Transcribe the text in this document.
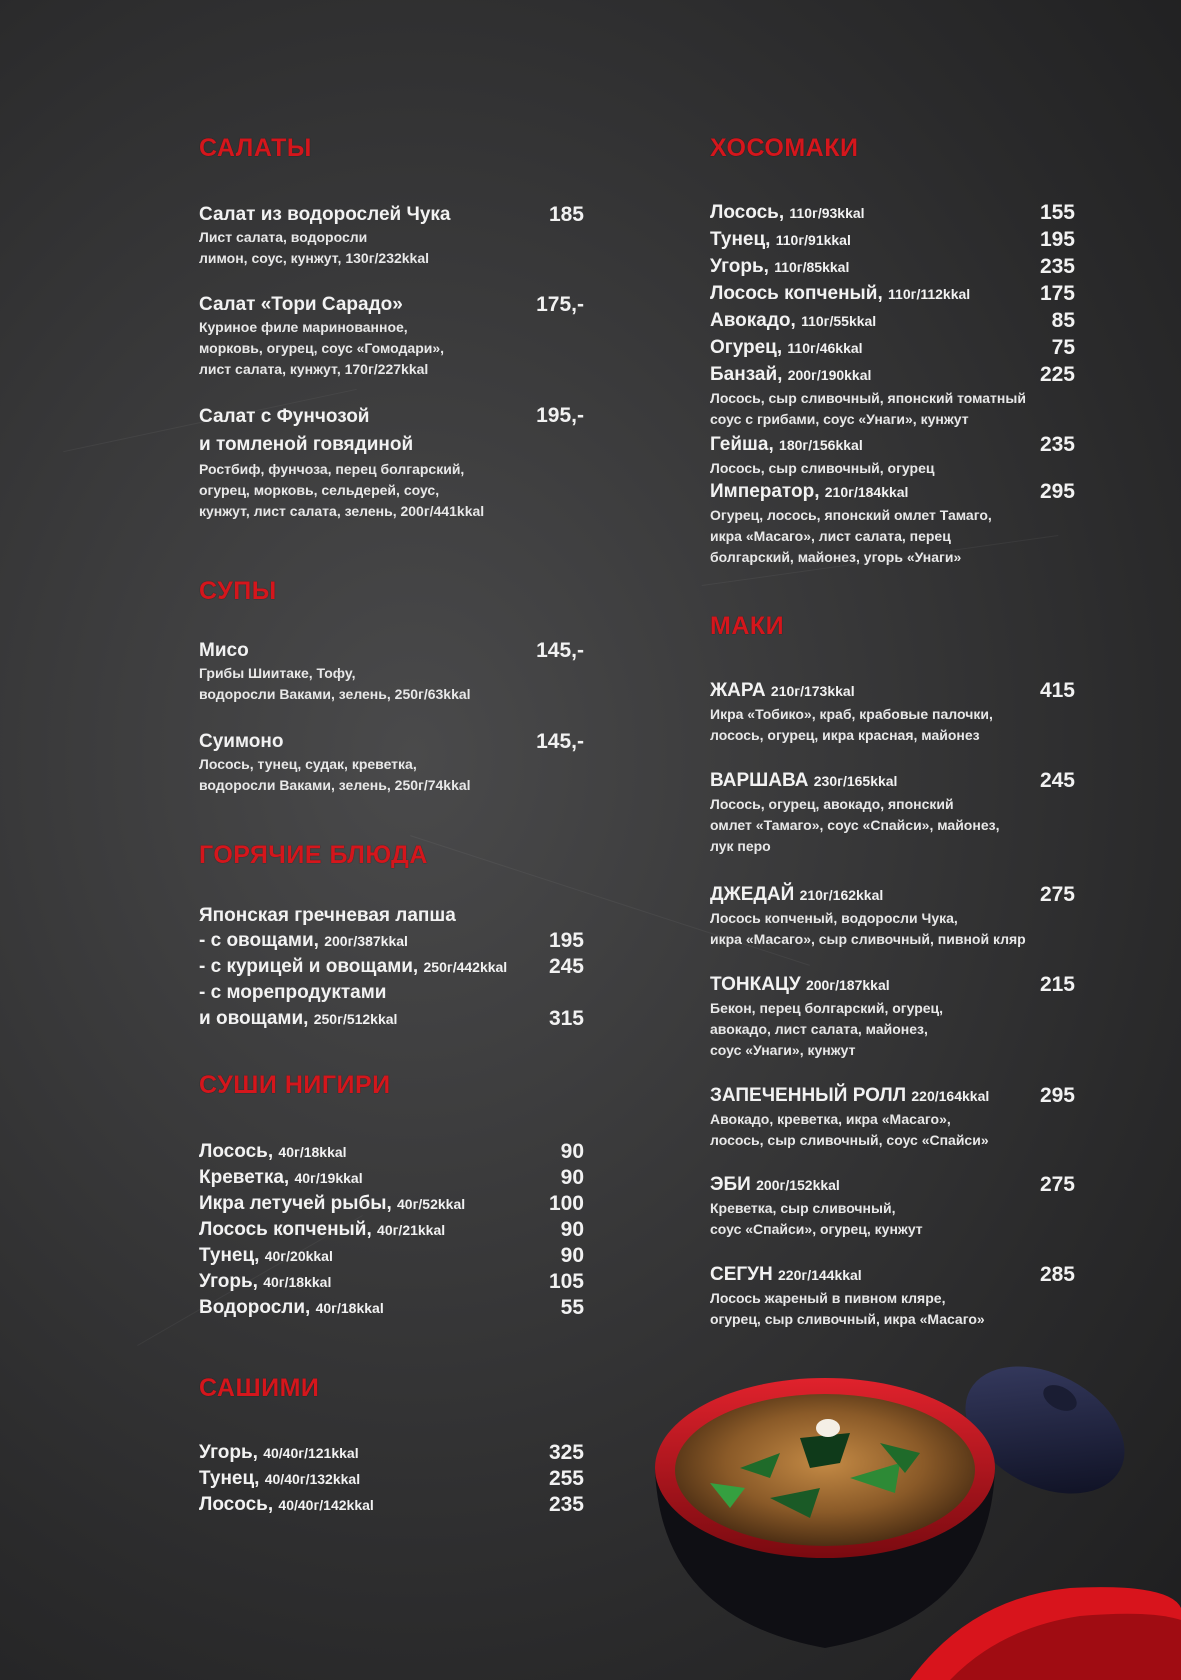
САЛАТЫ
Салат из водорослей Чука	185
Лист салата, водоросли
лимон, соус, кунжут, 130г/232kkal
Салат «Тори Сарадо»	175,-
Куриное филе маринованное,
морковь, огурец, соус «Гомодари»,
лист салата, кунжут, 170г/227kkal
Салат с Фунчозой
и томленой говядиной
195,-
Ростбиф, фунчоза, перец болгарский,
огурец, морковь, сельдерей, соус,
кунжут, лист салата, зелень, 200г/441kkal
СУПЫ
Мисо	145,-
Грибы Шиитаке, Тофу,
водоросли Ваками, зелень, 250г/63kkal
Суимоно	145,-
Лосось, тунец, судак, креветка,
водоросли Ваками, зелень, 250г/74kkal
ГОРЯЧИЕ БЛЮДА
Японская гречневая лапша
- с овощами, 200г/387kkal	195
- с курицей и овощами, 250г/442kkal 245
- с морепродуктами
и овощами, 250г/512kkal	315
СУШИ НИГИРИ
Лосось, 40г/18kkal	90
Креветка, 40г/19kkal	90
Икра летучей рыбы, 40г/52kkal	100
Лосось копченый, 40г/21kkal	90
Тунец, 40г/20kkal	90
Угорь, 40г/18kkal	105
Водоросли, 40г/18kkal	55
САШИМИ
Угорь, 40/40г/121kkal	325
Тунец, 40/40г/132kkal	255
Лосось, 40/40г/142kkal	235
ХОСОМАКИ
Лосось, 110г/93kkal	155
Тунец, 110г/91kkal	195
Угорь, 110г/85kkal	235
Лосось копченый, 110г/112kkal	175
Авокадо, 110г/55kkal	85
Огурец, 110г/46kkal	75
Банзай, 200г/190kkal	225
Лосось, сыр сливочный, японский томатный
соус с грибами, соус «Унаги», кунжут
Гейша, 180г/156kkal	235
Лосось, сыр сливочный, огурец
Император, 210г/184kkal	295
Огурец, лосось, японский омлет Тамаго,
икра «Масаго», лист салата, перец
болгарский, майонез, угорь «Унаги»
МАКИ
ЖАРА 210г/173kkal	415
Икра «Тобико», краб, крабовые палочки,
лосось, огурец, икра красная, майонез
ВАРШАВА 230г/165kkal	245
Лосось, огурец, авокадо, японский
омлет «Тамаго», соус «Спайси», майонез,
лук перо
ДЖЕДАЙ 210г/162kkal	275
Лосось копченый, водоросли Чука,
икра «Масаго», сыр сливочный, пивной кляр
ТОНКАЦУ 200г/187kkal	215
Бекон, перец болгарский, огурец,
авокадо, лист салата, майонез,
соус «Унаги», кунжут
ЗАПЕЧЕННЫЙ РОЛЛ 220/164kkal 295
Авокадо, креветка, икра «Масаго»,
лосось, сыр сливочный, соус «Спайси»
ЭБИ 200г/152kkal	275
Креветка, сыр сливочный,
соус «Спайси», огурец, кунжут
СЕГУН 220г/144kkal	285
Лосось жареный в пивном кляре,
огурец, сыр сливочный, икра «Масаго»
